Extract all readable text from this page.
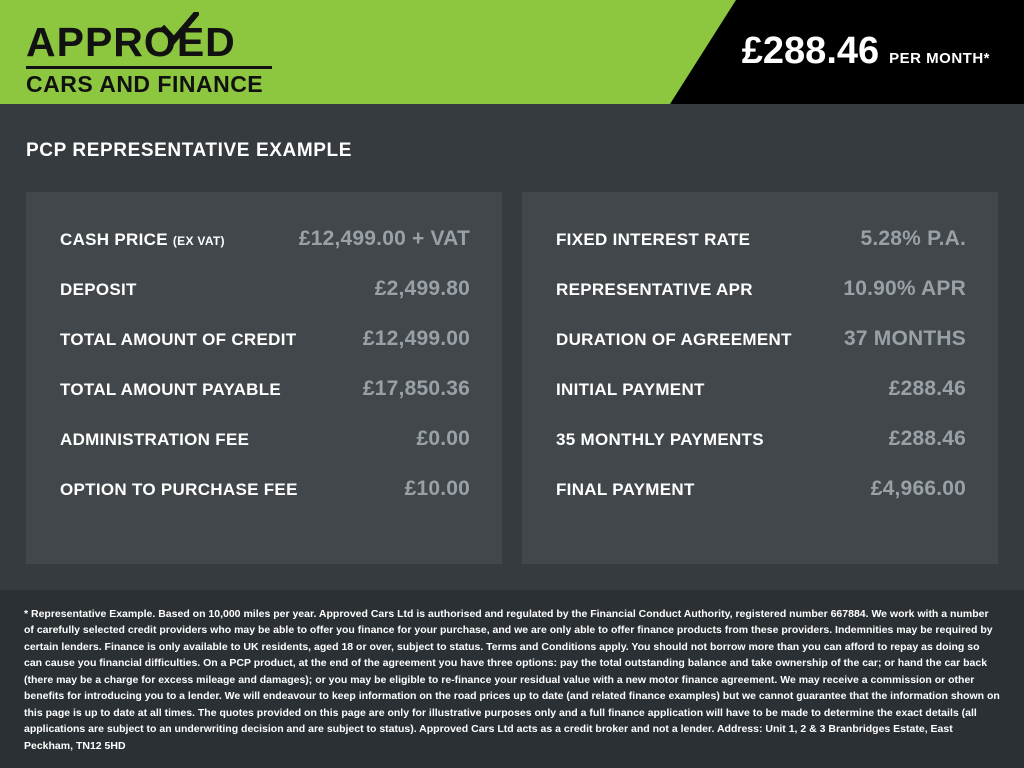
APPROED
CARS AND FINANCE
£288.46 PER MONTH*
PCP REPRESENTATIVE EXAMPLE
CASH PRICE (EX VAT)	£12,499.00 + VAT
DEPOSIT	£2,499.80
TOTAL AMOUNT OF CREDIT	£12,499.00
TOTAL AMOUNT PAYABLE	£17,850.36
ADMINISTRATION FEE	£0.00
OPTION TO PURCHASE FEE	£10.00
FIXED INTEREST RATE	5.28% P.A.
REPRESENTATIVE APR	10.90% APR
DURATION OF AGREEMENT 37 MONTHS
INITIAL PAYMENT	£288.46
35 MONTHLY PAYMENTS	£288.46
FINAL PAYMENT	£4,966.00

* Representative Example. Based on 10,000 miles per year. Approved Cars Ltd is authorised and regulated by the Financial Conduct Authority, registered number 667884. We work with a number of carefully selected credit providers who may be able to offer you finance for your purchase, and we are only able to offer finance products from these providers. Indemnities may be required by certain lenders. Finance is only available to UK residents, aged 18 or over, subject to status. Terms and Conditions apply. You should not borrow more than you can afford to repay as doing so can cause you financial difficulties. On a PCP product, at the end of the agreement you have three options: pay the total outstanding balance and take ownership of the car; or hand the car back (there may be a charge for excess mileage and damages); or you may be eligible to re-finance your residual value with a new motor finance agreement. We may receive a commission or other benefits for introducing you to a lender. We will endeavour to keep information on the road prices up to date (and related finance examples) but we cannot guarantee that the information shown on this page is up to date at all times. The quotes provided on this page are only for illustrative purposes only and a full finance application will have to be made to determine the exact details (all applications are subject to an underwriting decision and are subject to status). Approved Cars Ltd acts as a credit broker and not a lender. Address: Unit 1, 2 & 3 Branbridges Estate, East Peckham, TN12 5HD
